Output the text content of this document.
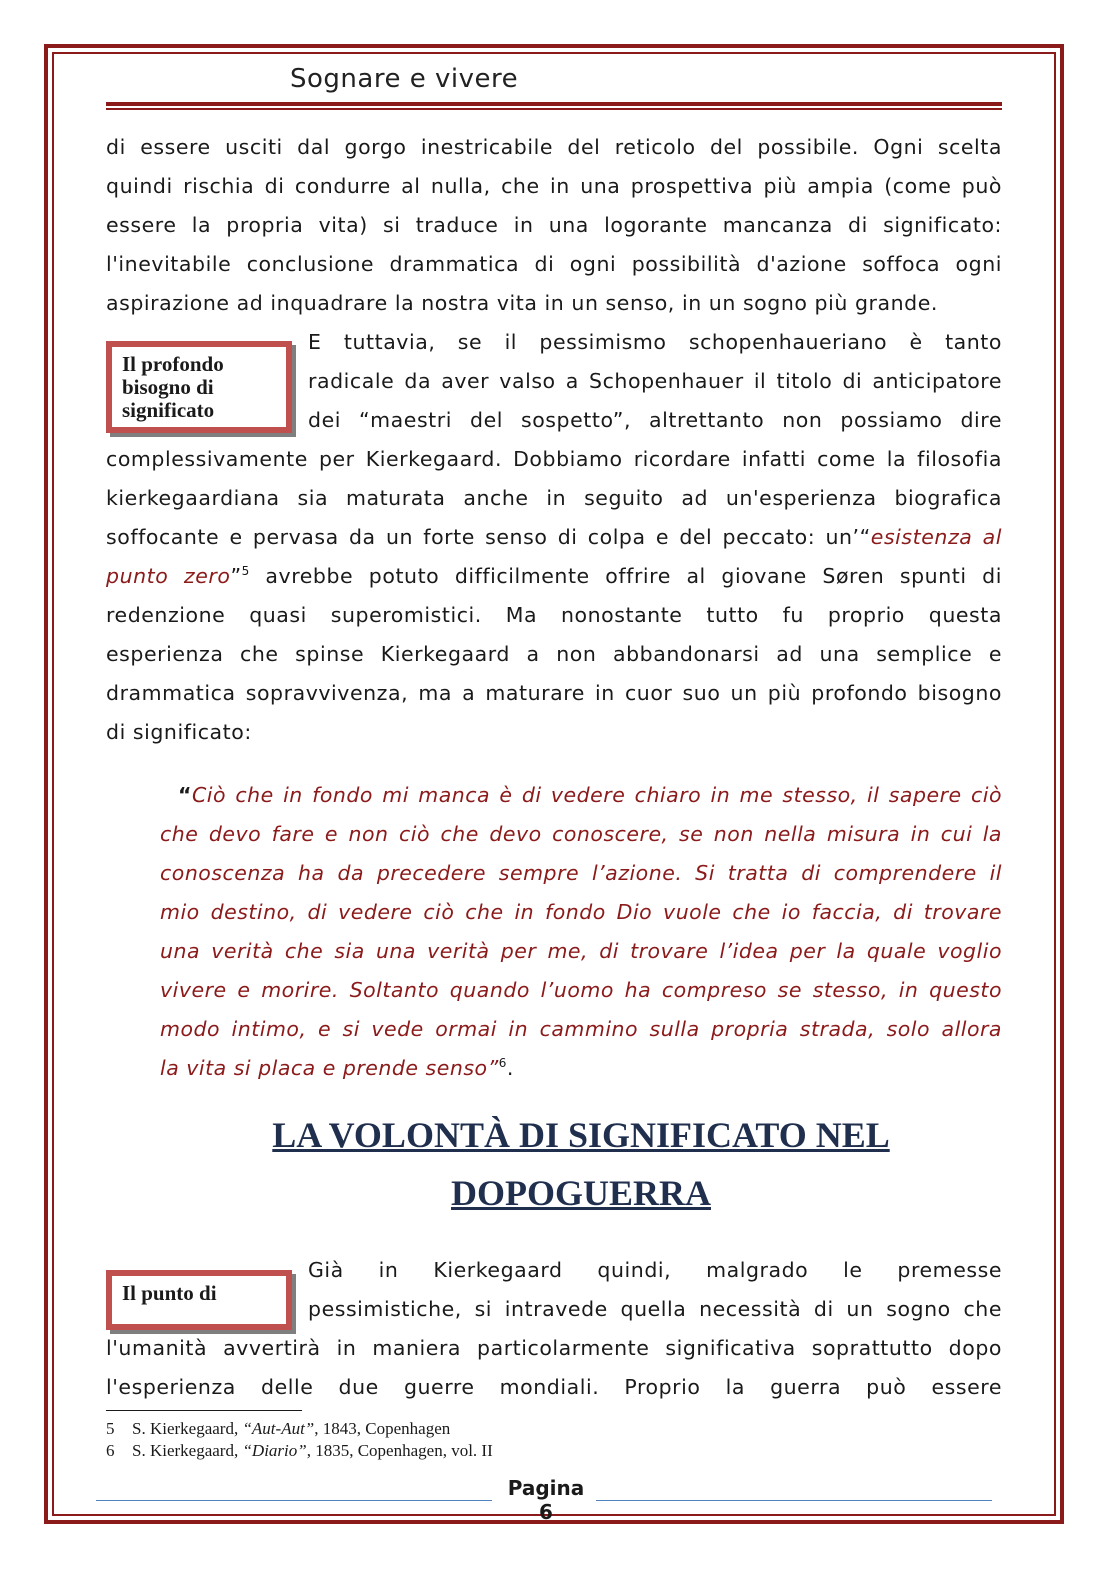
Sognare e vivere

di essere usciti dal gorgo inestricabile del reticolo del possibile. Ogni scelta

quindi rischia di condurre al nulla, che in una prospettiva più ampia (come può

essere la propria vita) si traduce in una logorante mancanza di significato:

l'inevitabile conclusione drammatica di ogni possibilità d'azione soffoca ogni

aspirazione ad inquadrare la nostra vita in un senso, in un sogno più grande.

Il profondo bisogno di significato

E tuttavia, se il pessimismo schopenhaueriano è tanto

radicale da aver valso a Schopenhauer il titolo di anticipatore

dei “maestri del sospetto”, altrettanto non possiamo dire

complessivamente per Kierkegaard. Dobbiamo ricordare infatti come la filosofia

kierkegaardiana sia maturata anche in seguito ad un'esperienza biografica

soffocante e pervasa da un forte senso di colpa e del peccato: un’“esistenza al

punto zero”$^5$ avrebbe potuto difficilmente offrire al giovane Søren spunti di

redenzione quasi superomistici. Ma nonostante tutto fu proprio questa

esperienza che spinse Kierkegaard a non abbandonarsi ad una semplice e

drammatica sopravvivenza, ma a maturare in cuor suo un più profondo bisogno

di significato:

“Ciò che in fondo mi manca è di vedere chiaro in me stesso, il sapere ciò

che devo fare e non ciò che devo conoscere, se non nella misura in cui la

conoscenza ha da precedere sempre l’azione. Si tratta di comprendere il

mio destino, di vedere ciò che in fondo Dio vuole che io faccia, di trovare

una verità che sia una verità per me, di trovare l’idea per la quale voglio

vivere e morire. Soltanto quando l’uomo ha compreso se stesso, in questo

modo intimo, e si vede ormai in cammino sulla propria strada, solo allora

la vita si placa e prende senso”$^6$.

LA VOLONTÀ DI SIGNIFICATO NEL
DOPOGUERRA
Il punto di

Già in Kierkegaard quindi, malgrado le premesse

pessimistiche, si intravede quella necessità di un sogno che

l'umanità avvertirà in maniera particolarmente significativa soprattutto dopo

l'esperienza delle due guerre mondiali. Proprio la guerra può essere

5 S. Kierkegaard, “Aut-Aut”, 1843, Copenhagen

6 S. Kierkegaard, “Diario”, 1835, Copenhagen, vol. II

Pagina
6
